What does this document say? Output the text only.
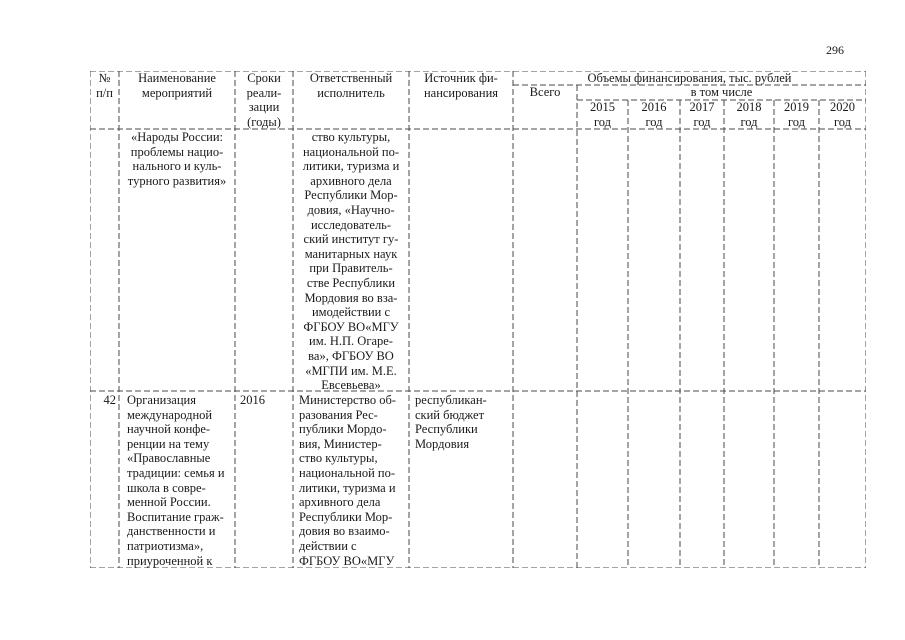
296
№
п/п
Наименование
мероприятий
Сроки
реали-
зации
(годы)
Ответственный
исполнитель
Источник фи-
нансирования
Объемы финансирования, тыс. рублей
Всего	в том числе
2015
год
2016
год
2017
год
2018
год
2019
год
2020
год
«Народы России:
проблемы нацио-
нального и куль-
турного развития»
ство культуры,
национальной по-
литики, туризма и
архивного дела
Республики Мор-
довия, «Научно-
исследователь-
ский институт гу-
манитарных наук
при Правитель-
стве Республики
Мордовия во вза-
имодействии с
ФГБОУ ВО«МГУ
им. Н.П. Огаре-
ва», ФГБОУ ВО
«МГПИ им. М.Е.
Евсевьева»
42 Организация
международной
научной конфе-
ренции на тему
«Православные
традиции: семья и
школа в совре-
менной России.
Воспитание граж-
данственности и
патриотизма»,
приуроченной к
2016	Министерство об-
разования Рес-
публики Мордо-
вия, Министер-
ство культуры,
национальной по-
литики, туризма и
архивного дела
Республики Мор-
довия во взаимо-
действии с
ФГБОУ ВО«МГУ
республикан-
ский бюджет
Республики
Мордовия
